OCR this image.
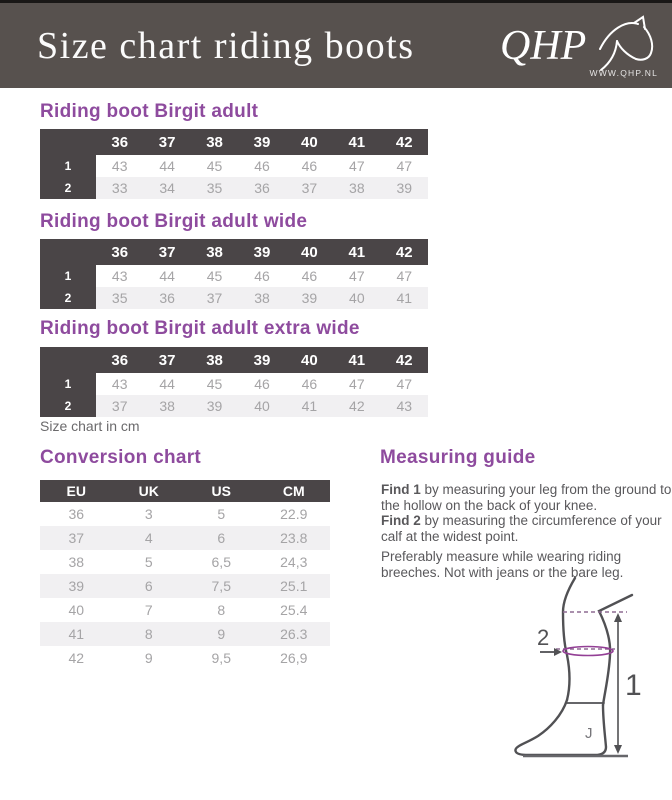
Size chart riding boots QHP
WWW.QHP.NL
Riding boot Birgit adult
Riding boot Birgit adult wide
Riding boot Birgit adult extra wide
36	37	38	39	40	41	42
1	43	44	45	46	46	47	47
2	33	34	35	36	37	38	39
36	37	38	39	40	41	42
1	43	44	45	46	46	47	47
2	35	36	37	38	39	40	41
36	37	38	39	40	41	42
1	43	44	45	46	46	47	47
2	37	38	39	40	41	42	43
Size chart in cm
Conversion chart
EU	UK	US	CM
36	3	5	22.9
37	4	6	23.8
38	5	6,5	24,3
39	6	7,5	25.1
40	7	8	25.4
41	8	9	26.3
42	9	9,5	26,9
Measuring guide

Find 1 by measuring your leg from the ground to the hollow on the back of your knee.

Find 2 by measuring the circumference of your calf at the widest point.

Preferably measure while wearing riding breeches. Not with jeans or the bare leg.

1
2
J
